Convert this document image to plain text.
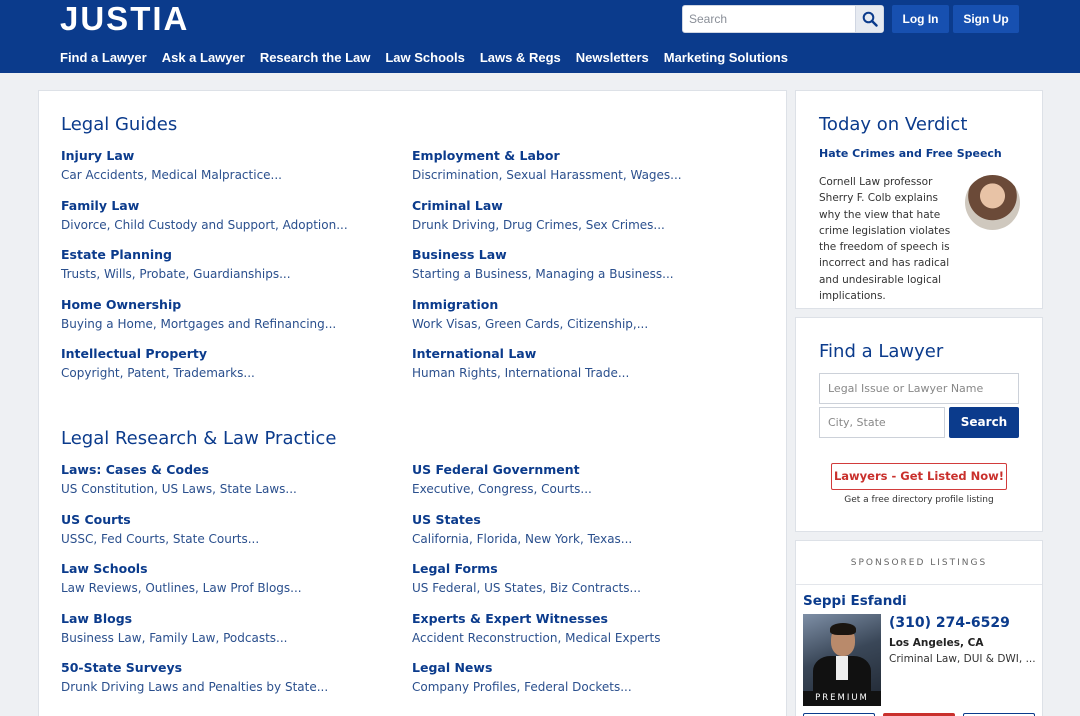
JUSTIA
Search	Log In	Sign Up
Find a Lawyer Ask a Lawyer Research the Law Law Schools Laws & Regs Newsletters Marketing Solutions
Legal Guides
Injury Law
Car Accidents, Medical Malpractice...
Employment & Labor
Discrimination, Sexual Harassment, Wages...
Family Law
Divorce, Child Custody and Support, Adoption...
Criminal Law
Drunk Driving, Drug Crimes, Sex Crimes...
Estate Planning
Trusts, Wills, Probate, Guardianships...
Business Law
Starting a Business, Managing a Business...
Home Ownership
Buying a Home, Mortgages and Refinancing...
Immigration
Work Visas, Green Cards, Citizenship,...
Intellectual Property
Copyright, Patent, Trademarks...
International Law
Human Rights, International Trade...
Legal Research & Law Practice
Laws: Cases & Codes
US Constitution, US Laws, State Laws...
US Federal Government
Executive, Congress, Courts...
US Courts
USSC, Fed Courts, State Courts...
US States
California, Florida, New York, Texas...
Law Schools
Law Reviews, Outlines, Law Prof Blogs...
Legal Forms
US Federal, US States, Biz Contracts...
Law Blogs
Business Law, Family Law, Podcasts...
Experts & Expert Witnesses
Accident Reconstruction, Medical Experts
50-State Surveys
Drunk Driving Laws and Penalties by State...
Legal News
Company Profiles, Federal Dockets...
Today on Verdict
Hate Crimes and Free Speech
Cornell Law professor Sherry F. Colb explains why the view that hate crime legislation violates the freedom of speech is incorrect and has radical and undesirable logical implications.
Find a Lawyer
Legal Issue or Lawyer Name
City, State	Search
Lawyers - Get Listed Now!
Get a free directory profile listing
SPONSORED LISTINGS
Seppi Esfandi
PREMIUM
(310) 274-6529
Los Angeles, CA
Criminal Law, DUI & DWI, ...
